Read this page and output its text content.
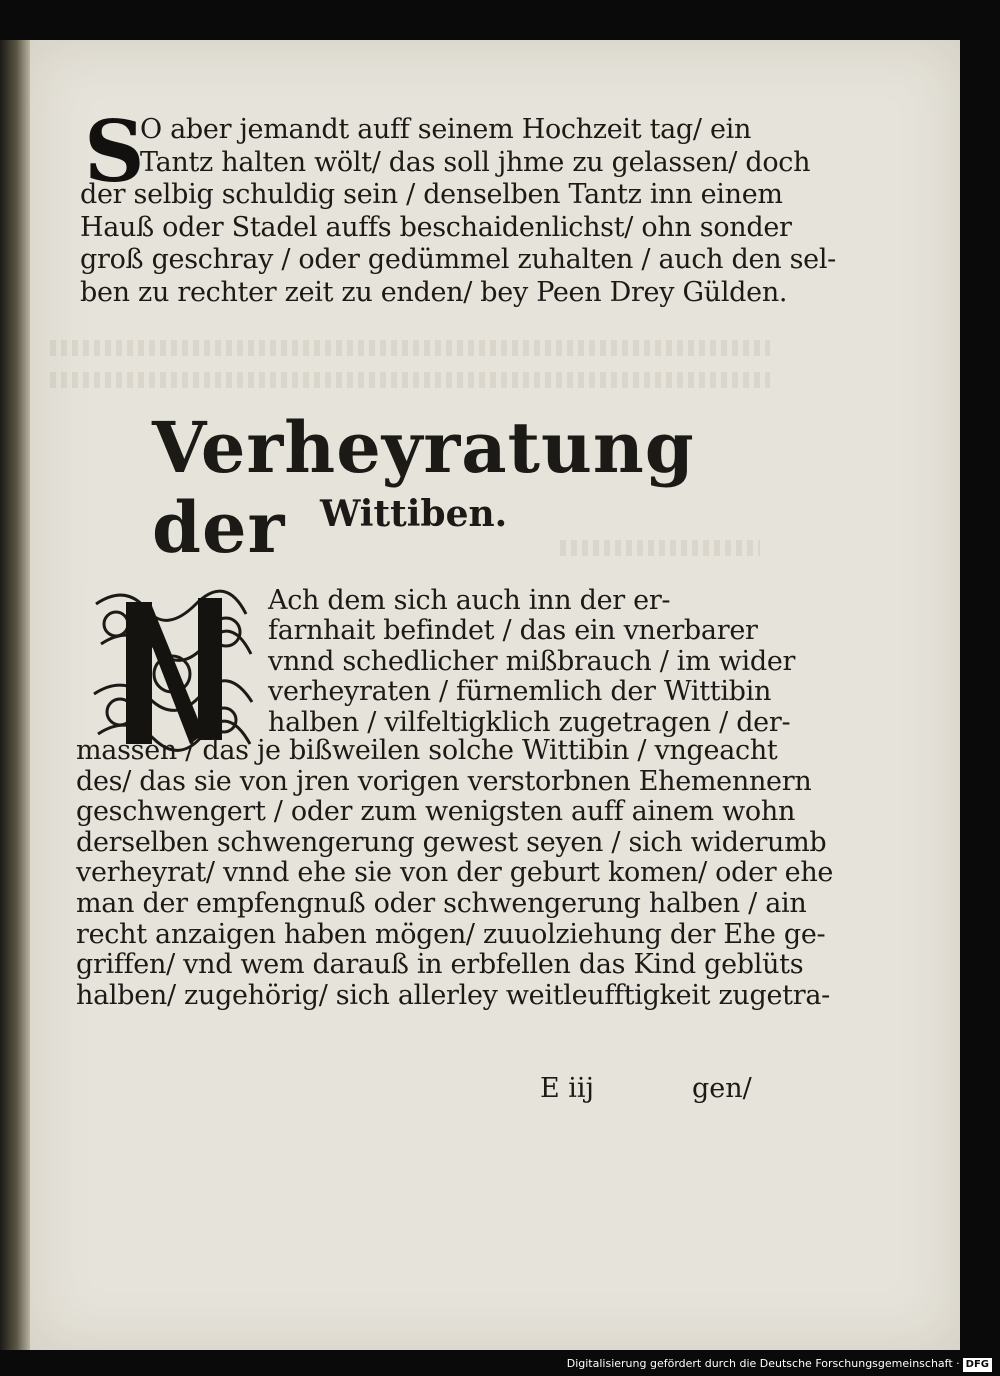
S
O aber jemandt auff seinem Hochzeit tag/ ein
Tantz halten wölt/ das soll jhme zu gelassen/ doch
der selbig schuldig sein / denselben Tantz inn einem
Hauß oder Stadel auffs beschaidenlichst/ ohn sonder
groß geschray / oder gedümmel zuhalten / auch den sel-
ben zu rechter zeit zu enden/ bey Peen Drey Gülden.
Verheyratung der Wittiben.
Ach dem sich auch inn der er-
farnhait befindet / das ein vnerbarer
vnnd schedlicher mißbrauch / im wider
verheyraten / fürnemlich der Wittibin
halben / vilfeltigklich zugetragen / der-
massen / das je bißweilen solche Wittibin / vngeacht
des/ das sie von jren vorigen verstorbnen Ehemennern
geschwengert / oder zum wenigsten auff ainem wohn
derselben schwengerung gewest seyen / sich widerumb
verheyrat/ vnnd ehe sie von der geburt komen/ oder ehe
man der empfengnuß oder schwengerung halben / ain
recht anzaigen haben mögen/ zuuolziehung der Ehe ge-
griffen/ vnd wem darauß in erbfellen das Kind geblüts
halben/ zugehörig/ sich allerley weitleufftigkeit zugetra-
E iij	gen/
Digitalisierung gefördert durch die Deutsche Forschungsgemeinschaft · DFG
